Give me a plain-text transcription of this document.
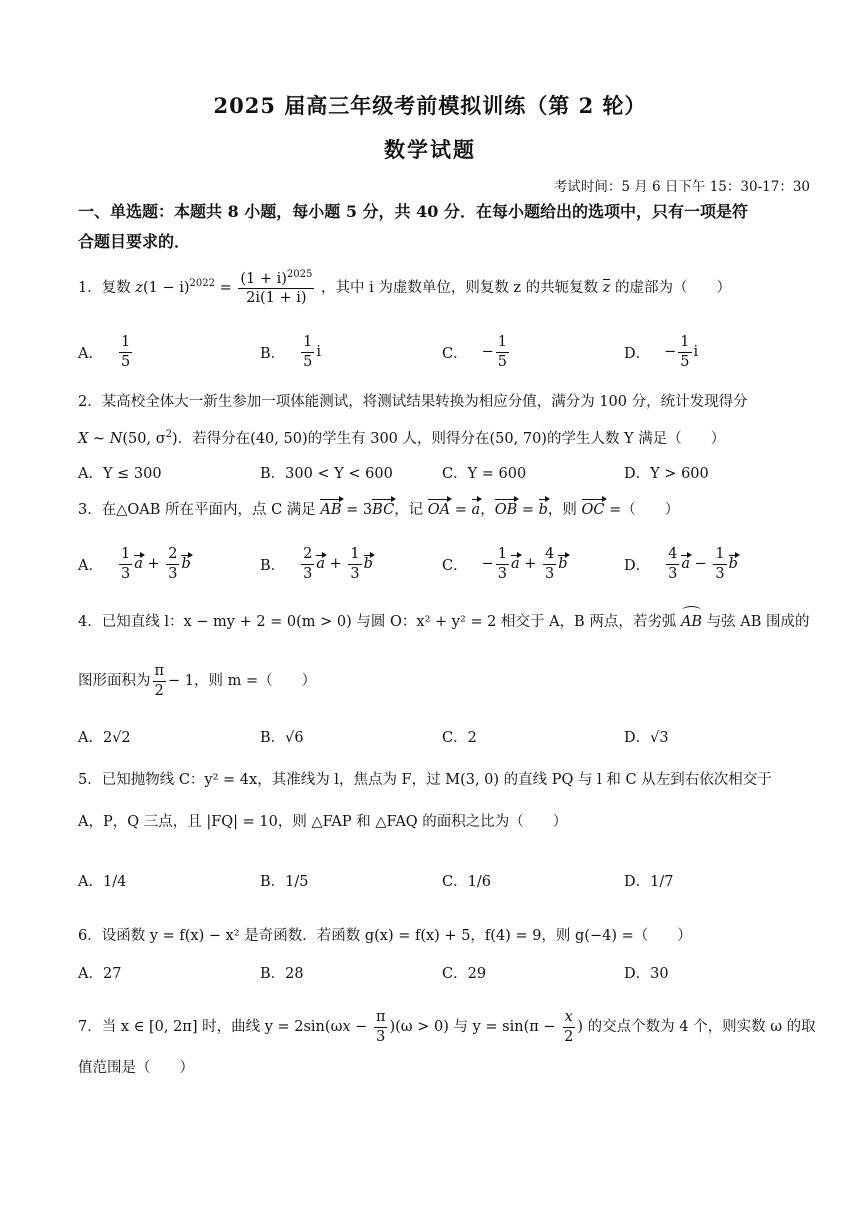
2025 届高三年级考前模拟训练（第 2 轮）
数学试题
考试时间：5 月 6 日下午 15：30-17：30
一、单选题：本题共 8 小题，每小题 5 分，共 40 分．在每小题给出的选项中，只有一项是符
合题目要求的．
1．复数 $z(1 - i)^{2022} = \frac{(1 + i)^{2025}}{2i(1 + i)}$ ，其中 i 为虚数单位，则复数 z 的共轭复数 z 的虚部为（　　）
A． $\frac{1}{5}$	B． $\frac{1}{5}$ i	C． − $\frac{1}{5}$	D． − $\frac{1}{5}$ i
2．某高校全体大一新生参加一项体能测试，将测试结果转换为相应分值，满分为 100 分，统计发现得分
X ~ N(50, $\sigma^2$)．若得分在(40, 50)的学生有 300 人，则得分在(50, 70)的学生人数 Y 满足（　　）
A．Y ≤ 300	B．300 < Y < 600	C．Y = 600	D．Y > 600
3．在△OAB 所在平面内，点 C 满足 AB = 3BC，记 OA = a，OB = b，则 OC =（　　）
A． $\frac{1}{3}$ $a + \frac{2}{3}$ b	B． $\frac{2}{3}$ $a + \frac{1}{3}$ b	C． − $\frac{1}{3}$ $a + \frac{4}{3}$ b	D． $\frac{4}{3}$ $a - \frac{1}{3}$ b
4．已知直线 l：x − my + 2 = 0(m > 0) 与圆 O：x² + y² = 2 相交于 A，B 两点，若劣弧 AB 与弦 AB 围成的
图形面积为 $\frac{\pi}{2} - 1$，则 m =（　　）
A．2√2	B．√6	C．2	D．√3
5．已知抛物线 C：y² = 4x，其准线为 l，焦点为 F，过 M(3, 0) 的直线 PQ 与 l 和 C 从左到右依次相交于
A，P，Q 三点，且 |FQ| = 10，则 △FAP 和 △FAQ 的面积之比为（　　）
A．1/4	B．1/5	C．1/6	D．1/7
6．设函数 y = f(x) − x² 是奇函数．若函数 g(x) = f(x) + 5，f(4) = 9，则 g(−4) =（　　）
A．27	B．28	C．29	D．30
7．当 x ∈ [0, 2π] 时，曲线 $y = 2\sin(\omega x - \frac{\pi}{3} )(\omega > 0)$ 与 $y = \sin(\pi - \frac{x}{2}$ ) 的交点个数为 4 个，则实数 ω 的取
值范围是（　　）
